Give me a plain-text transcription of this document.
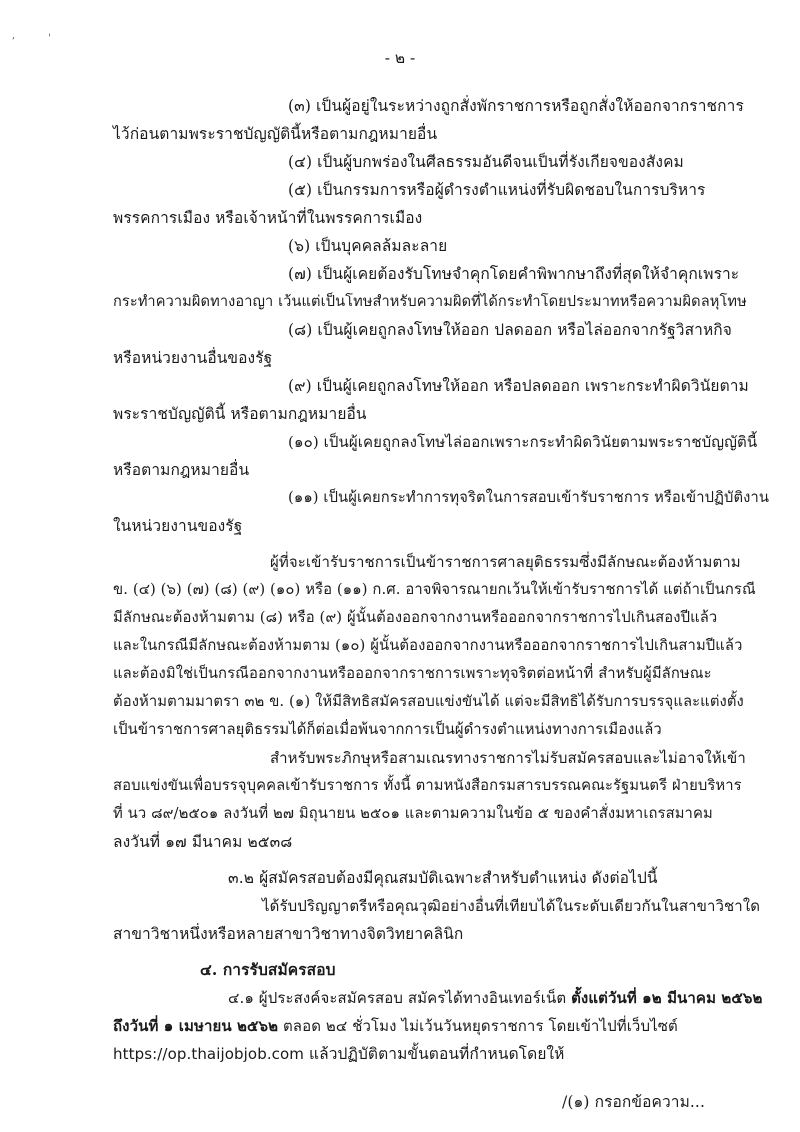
,	'
- ๒ -
(๓) เป็นผู้อยู่ในระหว่างถูกสั่งพักราชการหรือถูกสั่งให้ออกจากราชการ
ไว้ก่อนตามพระราชบัญญัตินี้หรือตามกฎหมายอื่น
(๔) เป็นผู้บกพร่องในศีลธรรมอันดีจนเป็นที่รังเกียจของสังคม
(๕) เป็นกรรมการหรือผู้ดำรงตำแหน่งที่รับผิดชอบในการบริหาร
พรรคการเมือง หรือเจ้าหน้าที่ในพรรคการเมือง
(๖) เป็นบุคคลล้มละลาย
(๗) เป็นผู้เคยต้องรับโทษจำคุกโดยคำพิพากษาถึงที่สุดให้จำคุกเพราะ
กระทำความผิดทางอาญา เว้นแต่เป็นโทษสำหรับความผิดที่ได้กระทำโดยประมาทหรือความผิดลหุโทษ
(๘) เป็นผู้เคยถูกลงโทษให้ออก ปลดออก หรือไล่ออกจากรัฐวิสาหกิจ
หรือหน่วยงานอื่นของรัฐ
(๙) เป็นผู้เคยถูกลงโทษให้ออก หรือปลดออก เพราะกระทำผิดวินัยตาม
พระราชบัญญัตินี้ หรือตามกฎหมายอื่น
(๑๐) เป็นผู้เคยถูกลงโทษไล่ออกเพราะกระทำผิดวินัยตามพระราชบัญญัตินี้
หรือตามกฎหมายอื่น
(๑๑) เป็นผู้เคยกระทำการทุจริตในการสอบเข้ารับราชการ หรือเข้าปฏิบัติงาน
ในหน่วยงานของรัฐ
ผู้ที่จะเข้ารับราชการเป็นข้าราชการศาลยุติธรรมซึ่งมีลักษณะต้องห้ามตาม
ข. (๔) (๖) (๗) (๘) (๙) (๑๐) หรือ (๑๑) ก.ศ. อาจพิจารณายกเว้นให้เข้ารับราชการได้ แต่ถ้าเป็นกรณี
มีลักษณะต้องห้ามตาม (๘) หรือ (๙) ผู้นั้นต้องออกจากงานหรือออกจากราชการไปเกินสองปีแล้ว
และในกรณีมีลักษณะต้องห้ามตาม (๑๐) ผู้นั้นต้องออกจากงานหรือออกจากราชการไปเกินสามปีแล้ว
และต้องมิใช่เป็นกรณีออกจากงานหรือออกจากราชการเพราะทุจริตต่อหน้าที่ สำหรับผู้มีลักษณะ
ต้องห้ามตามมาตรา ๓๒ ข. (๑) ให้มีสิทธิสมัครสอบแข่งขันได้ แต่จะมีสิทธิได้รับการบรรจุและแต่งตั้ง
เป็นข้าราชการศาลยุติธรรมได้ก็ต่อเมื่อพ้นจากการเป็นผู้ดำรงตำแหน่งทางการเมืองแล้ว
สำหรับพระภิกษุหรือสามเณรทางราชการไม่รับสมัครสอบและไม่อาจให้เข้า
สอบแข่งขันเพื่อบรรจุบุคคลเข้ารับราชการ ทั้งนี้ ตามหนังสือกรมสารบรรณคณะรัฐมนตรี ฝ่ายบริหาร
ที่ นว ๘๙/๒๕๐๑ ลงวันที่ ๒๗ มิถุนายน ๒๕๐๑ และตามความในข้อ ๕ ของคำสั่งมหาเถรสมาคม
ลงวันที่ ๑๗ มีนาคม ๒๕๓๘
๓.๒ ผู้สมัครสอบต้องมีคุณสมบัติเฉพาะสำหรับตำแหน่ง ดังต่อไปนี้
ได้รับปริญญาตรีหรือคุณวุฒิอย่างอื่นที่เทียบได้ในระดับเดียวกันในสาขาวิชาใด
สาขาวิชาหนึ่งหรือหลายสาขาวิชาทางจิตวิทยาคลินิก
๔. การรับสมัครสอบ
๔.๑ ผู้ประสงค์จะสมัครสอบ สมัครได้ทางอินเทอร์เน็ต ตั้งแต่วันที่ ๑๒ มีนาคม ๒๕๖๒
ถึงวันที่ ๑ เมษายน ๒๕๖๒ ตลอด ๒๔ ชั่วโมง ไม่เว้นวันหยุดราชการ โดยเข้าไปที่เว็บไซต์
https://op.thaijobjob.com แล้วปฏิบัติตามขั้นตอนที่กำหนดโดยให้
/(๑) กรอกข้อความ...
